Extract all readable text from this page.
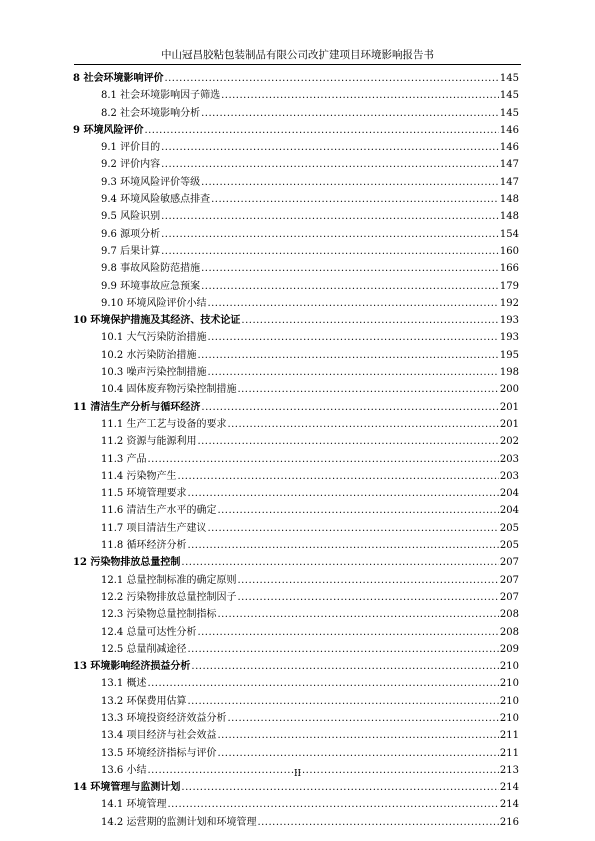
中山冠昌胶粘包装制品有限公司改扩建项目环境影响报告书
8 社会环境影响评价 .....	145
8.1 社会环境影响因子筛选 .....	145
8.2 社会环境影响分析 .....	145
9 环境风险评价 .....	146
9.1 评价目的 .....	146
9.2 评价内容 .....	147
9.3 环境风险评价等级 .....	147
9.4 环境风险敏感点排查 .....	148
9.5 风险识别 .....	148
9.6 源项分析 .....	154
9.7 后果计算 .....	160
9.8 事故风险防范措施 .....	166
9.9 环境事故应急预案 .....	179
9.10 环境风险评价小结 .....	192
10 环境保护措施及其经济、技术论证 .....	193
10.1 大气污染防治措施 .....	193
10.2 水污染防治措施 .....	195
10.3 噪声污染控制措施 .....	198
10.4 固体废弃物污染控制措施 .....	200
11 清洁生产分析与循环经济 .....	201
11.1 生产工艺与设备的要求 .....	201
11.2 资源与能源利用 .....	202
11.3 产品 .....	203
11.4 污染物产生 .....	203
11.5 环境管理要求 .....	204
11.6 清洁生产水平的确定 .....	204
11.7 项目清洁生产建议 .....	205
11.8 循环经济分析 .....	205
12 污染物排放总量控制 .....	207
12.1 总量控制标准的确定原则 .....	207
12.2 污染物排放总量控制因子 .....	207
12.3 污染物总量控制指标 .....	208
12.4 总量可达性分析 .....	208
12.5 总量削减途径 .....	209
13 环境影响经济损益分析 .....	210
13.1 概述 .....	210
13.2 环保费用估算 .....	210
13.3 环境投资经济效益分析 .....	210
13.4 项目经济与社会效益 .....	211
13.5 环境经济指标与评价 .....	211
13.6 小结 .....	213
14 环境管理与监测计划 .....	214
14.1 环境管理 .....	214
14.2 运营期的监测计划和环境管理 .....	216
II
